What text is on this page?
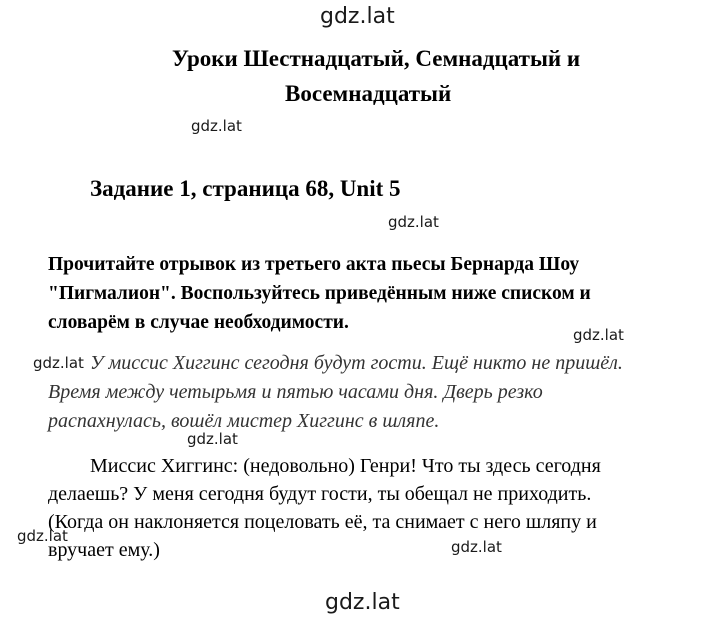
gdz.lat
gdz.lat
gdz.lat
gdz.lat
gdz.lat
gdz.lat
gdz.lat
gdz.lat
gdz.lat
Уроки Шестнадцатый, Семнадцатый и
Восемнадцатый
Задание 1, страница 68, Unit 5
Прочитайте отрывок из третьего акта пьесы Бернарда Шоу
"Пигмалион". Воспользуйтесь приведённым ниже списком и
словарём в случае необходимости.
У миссис Хиггинс сегодня будут гости. Ещё никто не пришёл.
Время между четырьмя и пятью часами дня. Дверь резко
распахнулась, вошёл мистер Хиггинс в шляпе.
Миссис Хиггинс: (недовольно) Генри! Что ты здесь сегодня
делаешь? У меня сегодня будут гости, ты обещал не приходить.
(Когда он наклоняется поцеловать её, та снимает с него шляпу и
вручает ему.)
